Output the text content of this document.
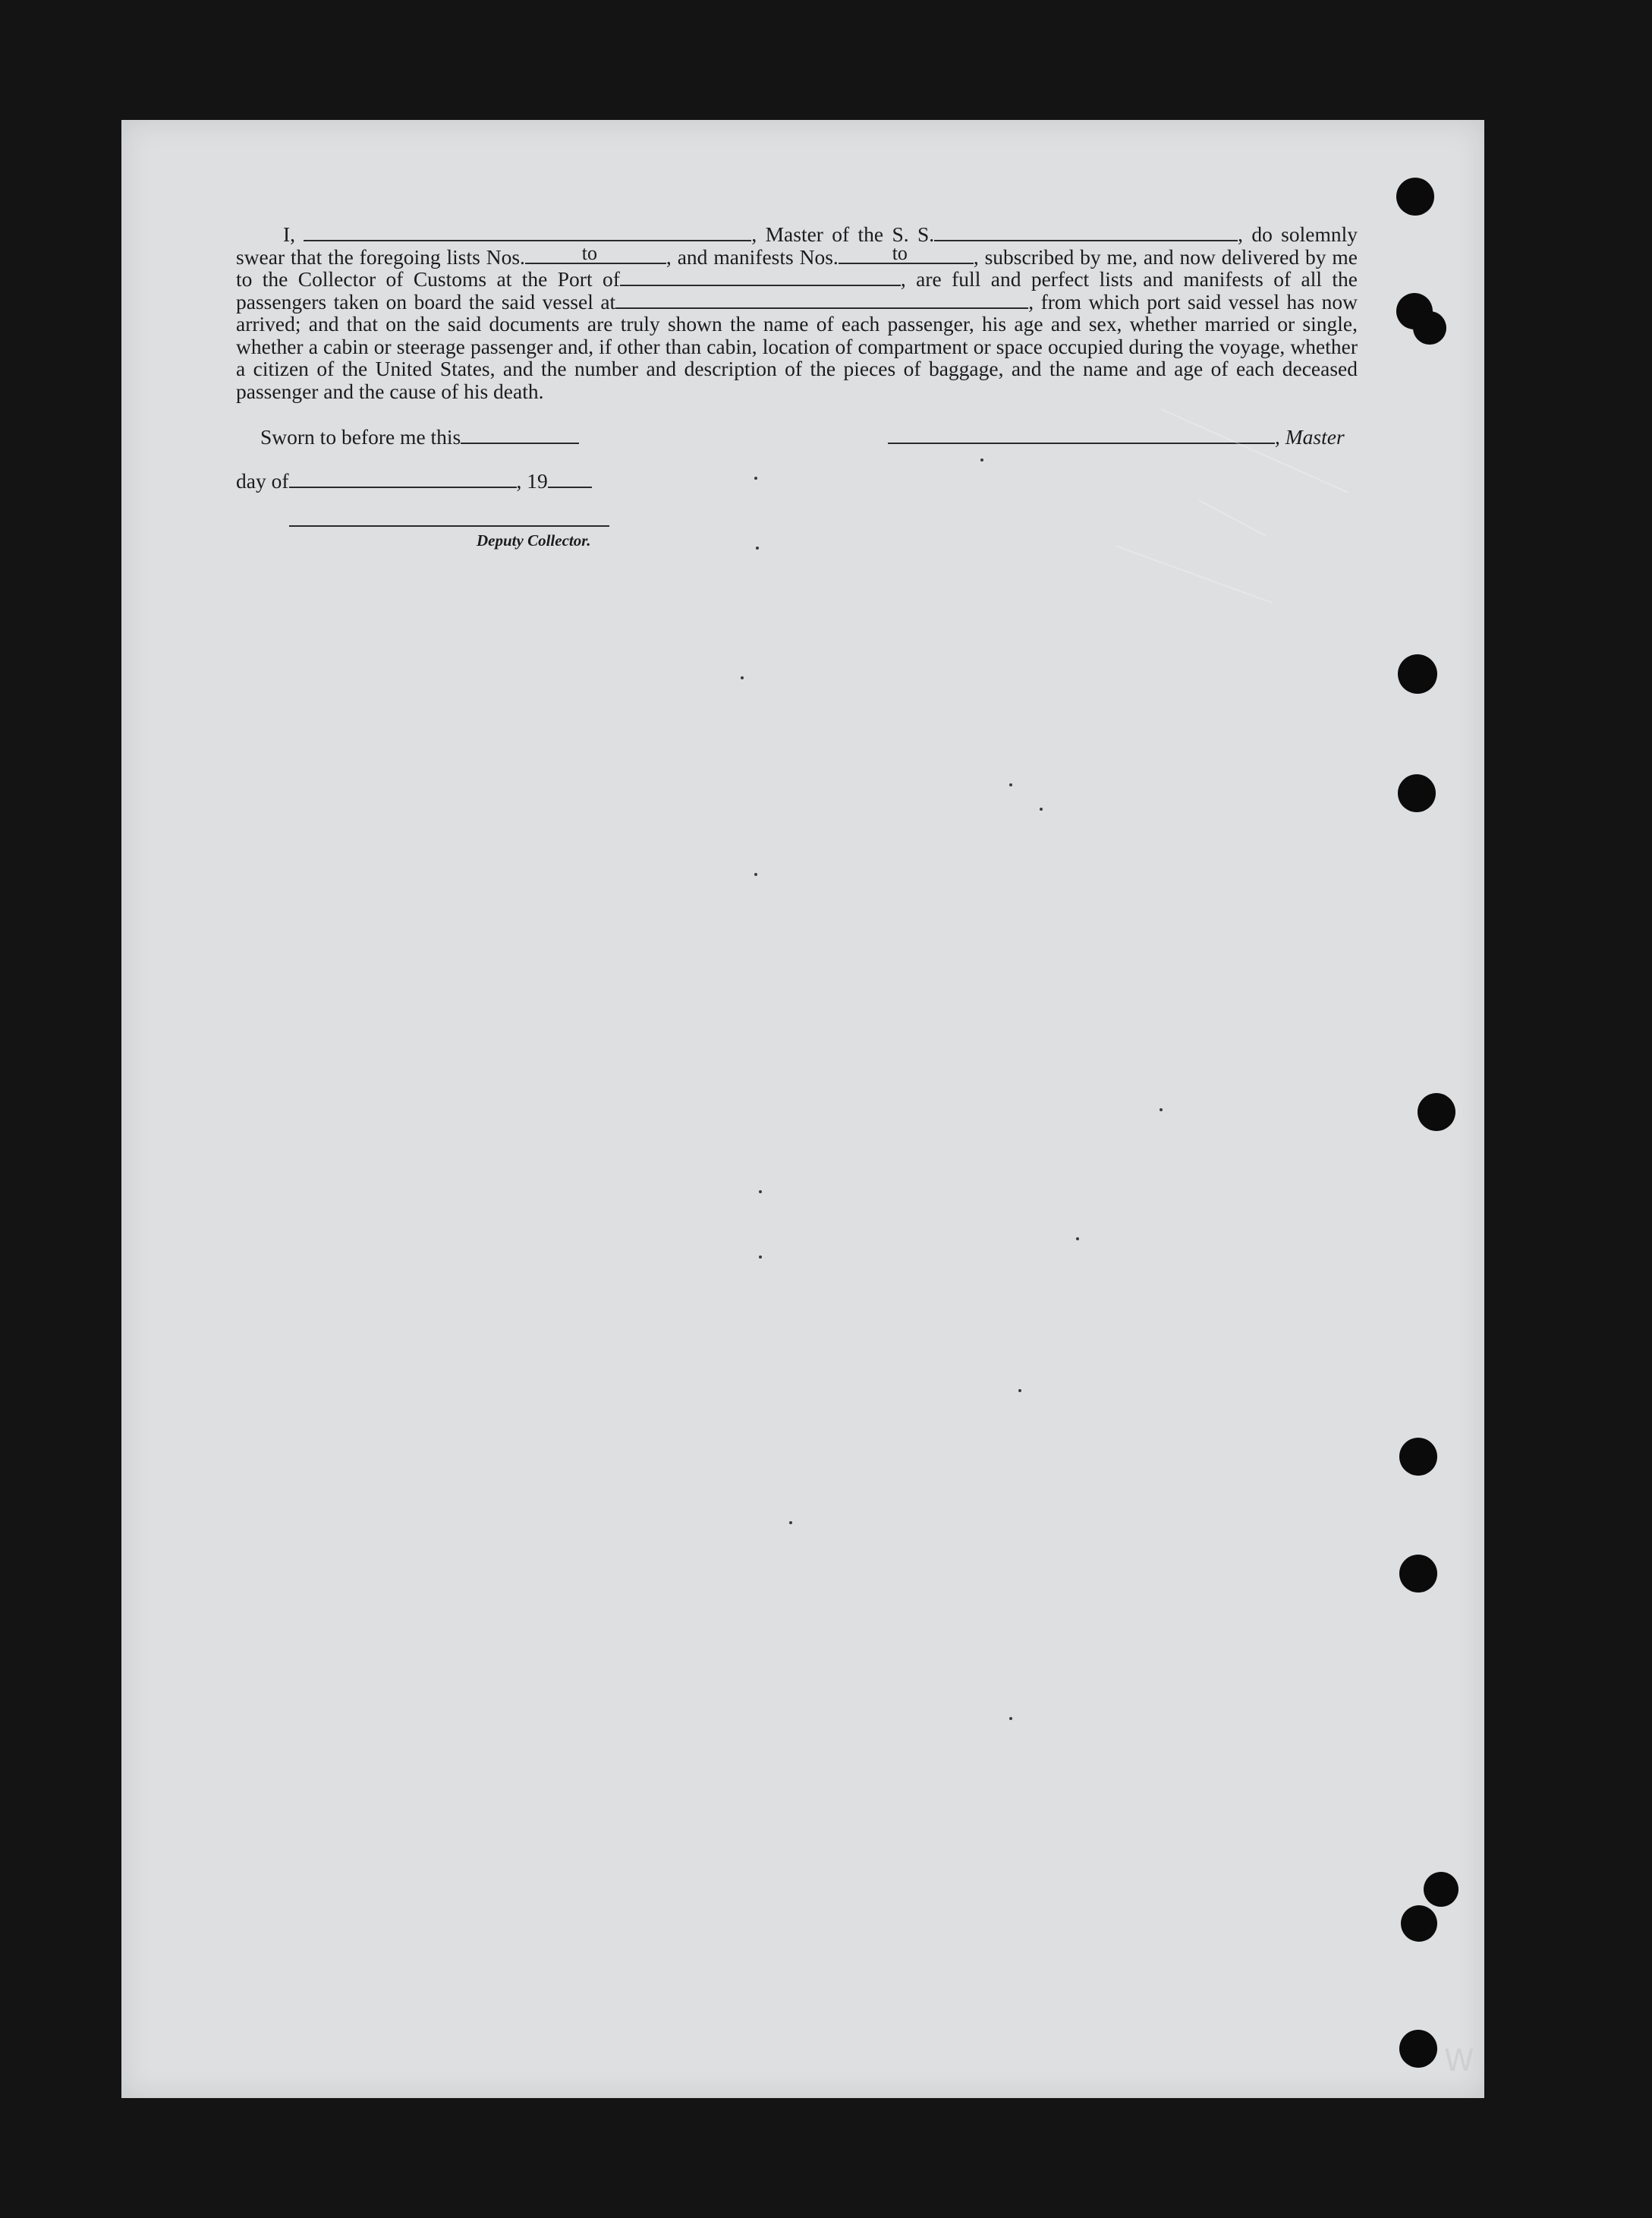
I,	, Master of the S. S.	, do solemnly swear that the foregoing lists Nos.	to	, and manifests Nos.	to	, subscribed by me, and now delivered by me to the Collector of Customs at the Port of	, are full and perfect lists and manifests of all the passengers taken on board the said vessel at	, from which port said vessel has now arrived; and that on the said documents are truly shown the name of each passenger, his age and sex, whether married or single, whether a cabin or steerage passenger and, if other than cabin, location of compartment or space occupied during the voyage, whether a citizen of the United States, and the number and description of the pieces of baggage, and the name and age of each deceased passenger and the cause of his death.

Sworn to before me this	, Master
day of	, 19
Deputy Collector.
W
